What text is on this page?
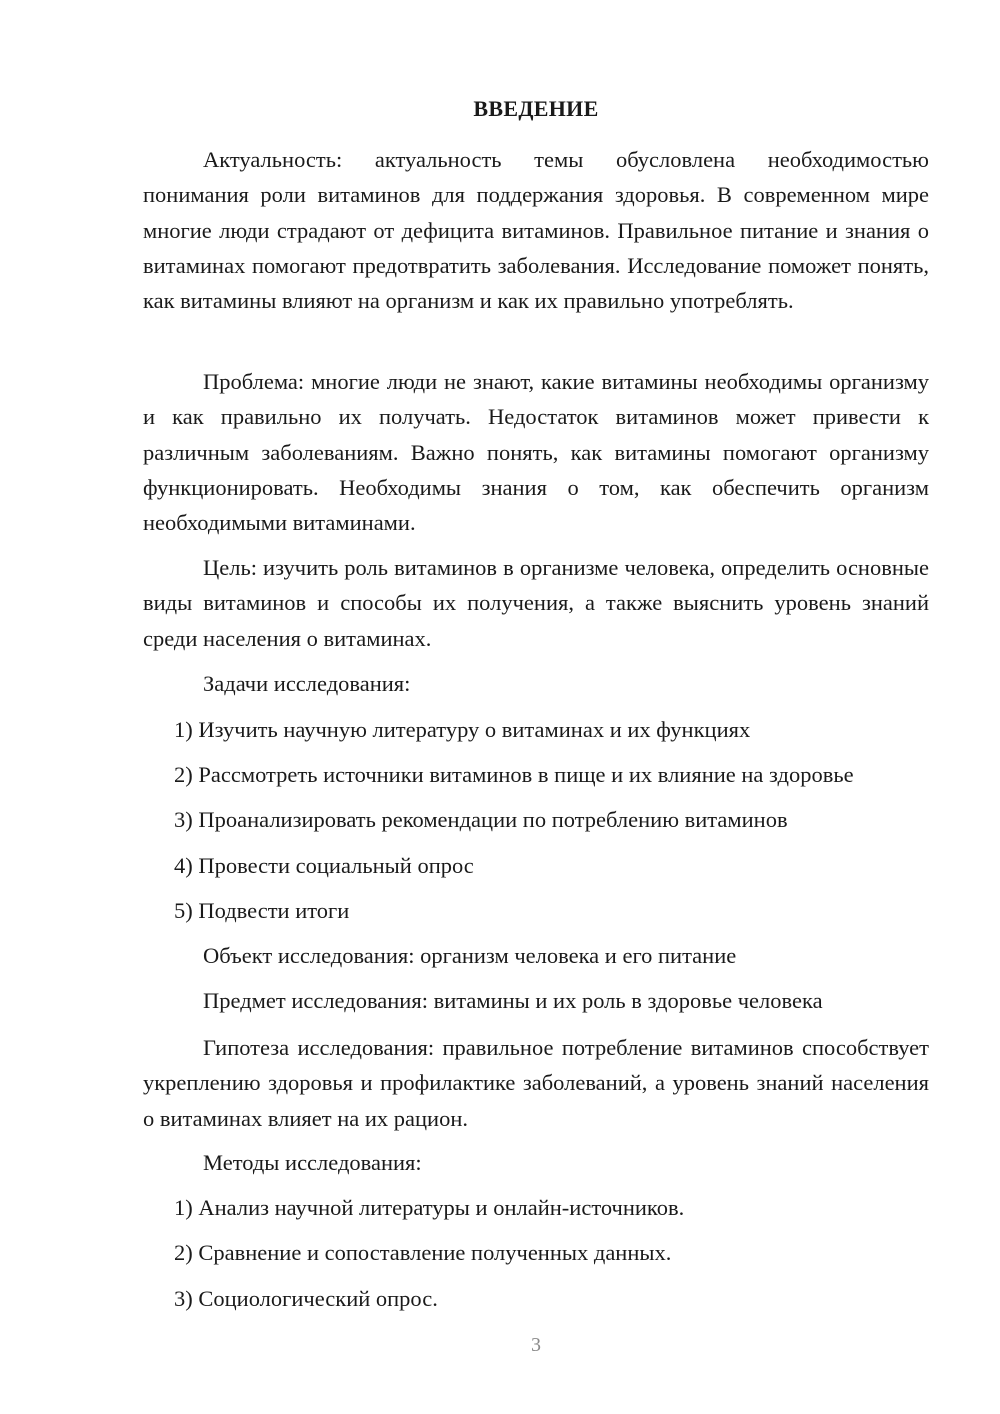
ВВЕДЕНИЕ

Актуальность: актуальность темы обусловлена необходимостью понимания роли витаминов для поддержания здоровья. В современном мире многие люди страдают от дефицита витаминов. Правильное питание и знания о витаминах помогают предотвратить заболевания. Исследование поможет понять, как витамины влияют на организм и как их правильно употреблять.

Проблема: многие люди не знают, какие витамины необходимы организму и как правильно их получать. Недостаток витаминов может привести к различным заболеваниям. Важно понять, как витамины помогают организму функционировать. Необходимы знания о том, как обеспечить организм необходимыми витаминами.

Цель: изучить роль витаминов в организме человека, определить основные виды витаминов и способы их получения, а также выяснить уровень знаний среди населения о витаминах.

Задачи исследования:

1) Изучить научную литературу о витаминах и их функциях

2) Рассмотреть источники витаминов в пище и их влияние на здоровье

3) Проанализировать рекомендации по потреблению витаминов

4) Провести социальный опрос

5) Подвести итоги

Объект исследования: организм человека и его питание

Предмет исследования: витамины и их роль в здоровье человека

Гипотеза исследования: правильное потребление витаминов способствует укреплению здоровья и профилактике заболеваний, а уровень знаний населения о витаминах влияет на их рацион.

Методы исследования:

1) Анализ научной литературы и онлайн-источников.

2) Сравнение и сопоставление полученных данных.

3) Социологический опрос.

3
